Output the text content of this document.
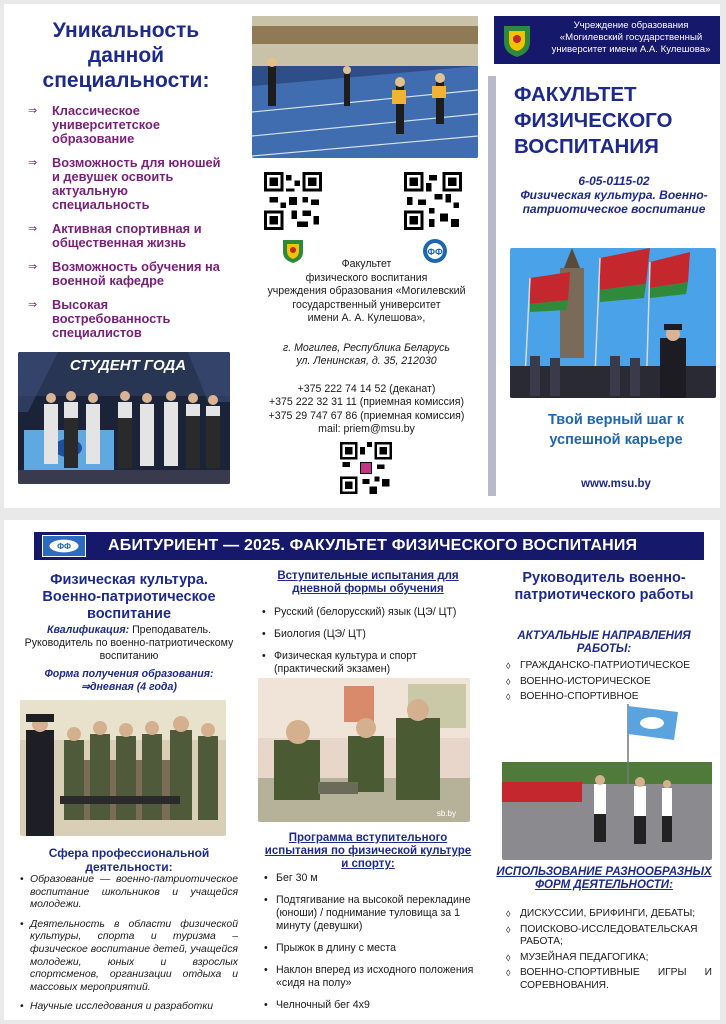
Уникальность данной специальности:
⇒ Классическое университетское образование
⇒ Возможность для юношей и девушек освоить актуальную специальность
⇒ Активная спортивная и общественная жизнь
⇒ Возможность обучения на военной кафедре
⇒ Высокая востребованность специалистов
СТУДЕНТ ГОДА
ФФ
Факультет
физического воспитания
учреждения образования «Могилевский
государственный университет
имени А. А. Кулешова»,
г. Могилев, Республика Беларусь
ул. Ленинская, д. 35, 212030
+375 222 74 14 52 (деканат)
+375 222 32 31 11 (приемная комиссия)
+375 29 747 67 86 (приемная комиссия)
mail: priem@msu.by
Учреждение образования «Могилевский государственный университет имени А.А. Кулешова»
ФАКУЛЬТЕТ ФИЗИЧЕСКОГО ВОСПИТАНИЯ
6-05-0115-02
Физическая культура. Военно-патриотическое воспитание
Твой верный шаг к успешной карьере
www.msu.by
ФФ АБИТУРИЕНТ — 2025. ФАКУЛЬТЕТ ФИЗИЧЕСКОГО ВОСПИТАНИЯ
Физическая культура. Военно-патриотическое воспитание
Квалификация: Преподаватель.
Руководитель по военно-патриотическому воспитанию
Форма получения образования:
⇒дневная (4 года)
Сфера профессиональной деятельности:
• Образование — военно-патриотическое воспитание школьников и учащейся молодежи.
• Деятельность в области физической культуры, спорта и туризма – физическое воспитание детей, учащейся молодежи, юных и взрослых спортсменов, организации отдыха и массовых мероприятий.
• Научные исследования и разработки
Вступительные испытания для дневной формы обучения
• Русский (белорусский) язык (ЦЭ/ ЦТ)
• Биология (ЦЭ/ ЦТ)
• Физическая культура и спорт (практический экзамен)
sb.by
Программа вступительного испытания по физической культуре и спорту:
• Бег 30 м
• Подтягивание на высокой перекладине (юноши) / поднимание туловища за 1 минуту (девушки)
• Прыжок в длину с места
• Наклон вперед из исходного положения «сидя на полу»
• Челночный бег 4х9
Руководитель военно-патриотического работы
АКТУАЛЬНЫЕ НАПРАВЛЕНИЯ РАБОТЫ:
◊ ГРАЖДАНСКО-ПАТРИОТИЧЕСКОЕ
◊ ВОЕННО-ИСТОРИЧЕСКОЕ
◊ ВОЕННО-СПОРТИВНОЕ
ИСПОЛЬЗОВАНИЕ РАЗНООБРАЗНЫХ ФОРМ ДЕЯТЕЛЬНОСТИ:
◊ ДИСКУССИИ, БРИФИНГИ, ДЕБАТЫ;
◊ ПОИСКОВО-ИССЛЕДОВАТЕЛЬСКАЯ РАБОТА;
◊ МУЗЕЙНАЯ ПЕДАГОГИКА;
◊ ВОЕННО-СПОРТИВНЫЕ ИГРЫ И СОРЕВНОВАНИЯ.
